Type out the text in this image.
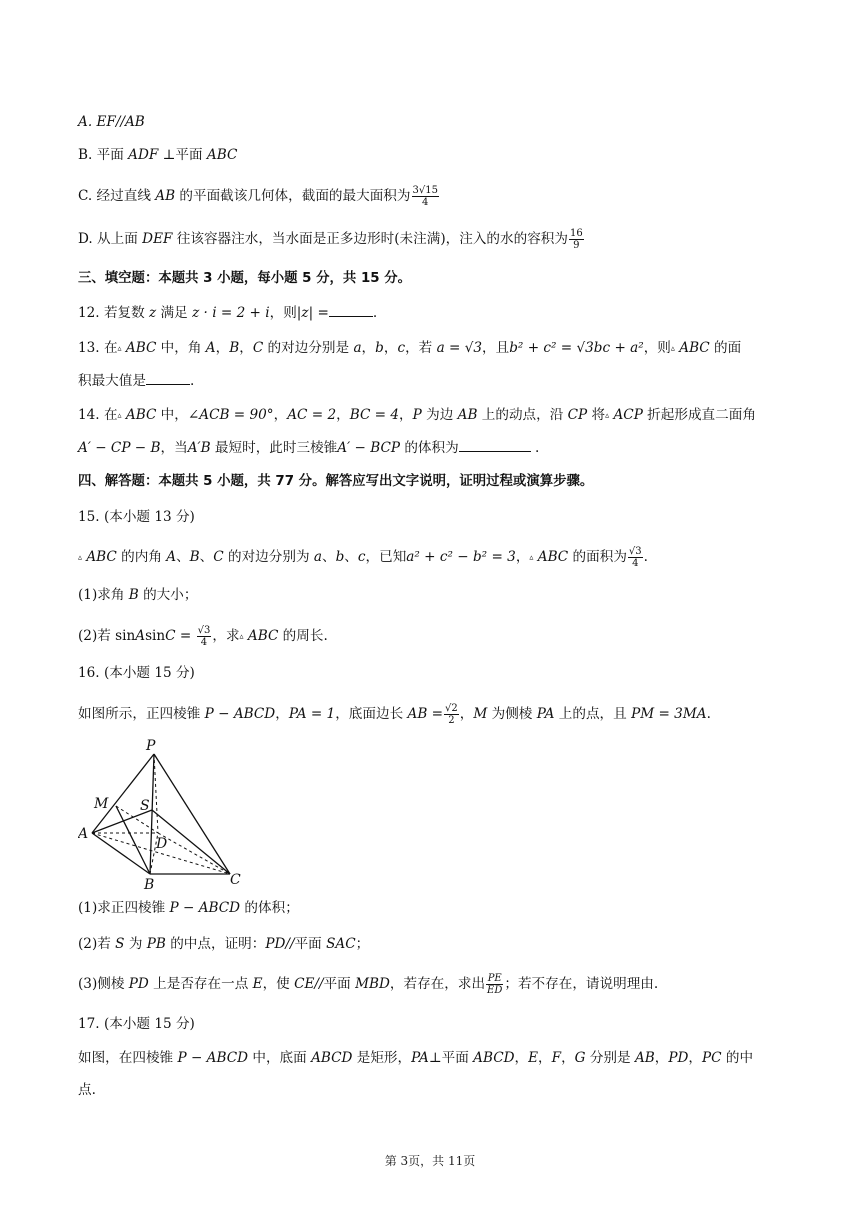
A. EF//AB
B. 平面 ADF ⊥平面 ABC
C. 经过直线 AB 的平面截该几何体，截面的最大面积为 $\frac{3√15}{4}$
D. 从上面 DEF 往该容器注水，当水面是正多边形时(未注满)，注入的水的容积为 $\frac{16}{9}$
三、填空题：本题共 3 小题，每小题 5 分，共 15 分。
12. 若复数 z 满足 z · i = 2 + i，则|z| =	.
13. 在▵ ABC 中，角 A，B，C 的对边分别是 a，b，c，若 a = √3，且b² + c² = √3bc + a²，则▵ ABC 的面
积最大值是	.
14. 在▵ ABC 中，∠ACB = 90°，AC = 2，BC = 4，P 为边 AB 上的动点，沿 CP 将▵ ACP 折起形成直二面角
A′ − CP − B，当A′B 最短时，此时三棱锥A′ − BCP 的体积为	.
四、解答题：本题共 5 小题，共 77 分。解答应写出文字说明，证明过程或演算步骤。
15. (本小题 13 分)
▵ ABC 的内角 A、B、C 的对边分别为 a、b、c，已知a² + c² − b² = 3，▵ ABC 的面积为 $\frac{√3}{4}$ .
(1)求角 B 的大小；
(2)若 sinAsinC = $\frac{√3}{4}$ ，求▵ ABC 的周长.
16. (本小题 15 分)
如图所示，正四棱锥 P − ABCD，PA = 1，底面边长 AB = $\frac{√2}{2}$ ，M 为侧棱 PA 上的点，且 PM = 3MA.
P
M S
A
D
B	C
(1)求正四棱锥 P − ABCD 的体积；
(2)若 S 为 PB 的中点，证明：PD//平面 SAC；
(3)侧棱 PD 上是否存在一点 E，使 CE//平面 MBD，若存在，求出 $\frac{PE}{ED}$ ；若不存在，请说明理由.
17. (本小题 15 分)
如图，在四棱锥 P − ABCD 中，底面 ABCD 是矩形，PA⊥平面 ABCD，E，F，G 分别是 AB，PD，PC 的中
点.
第 3页，共 11页
